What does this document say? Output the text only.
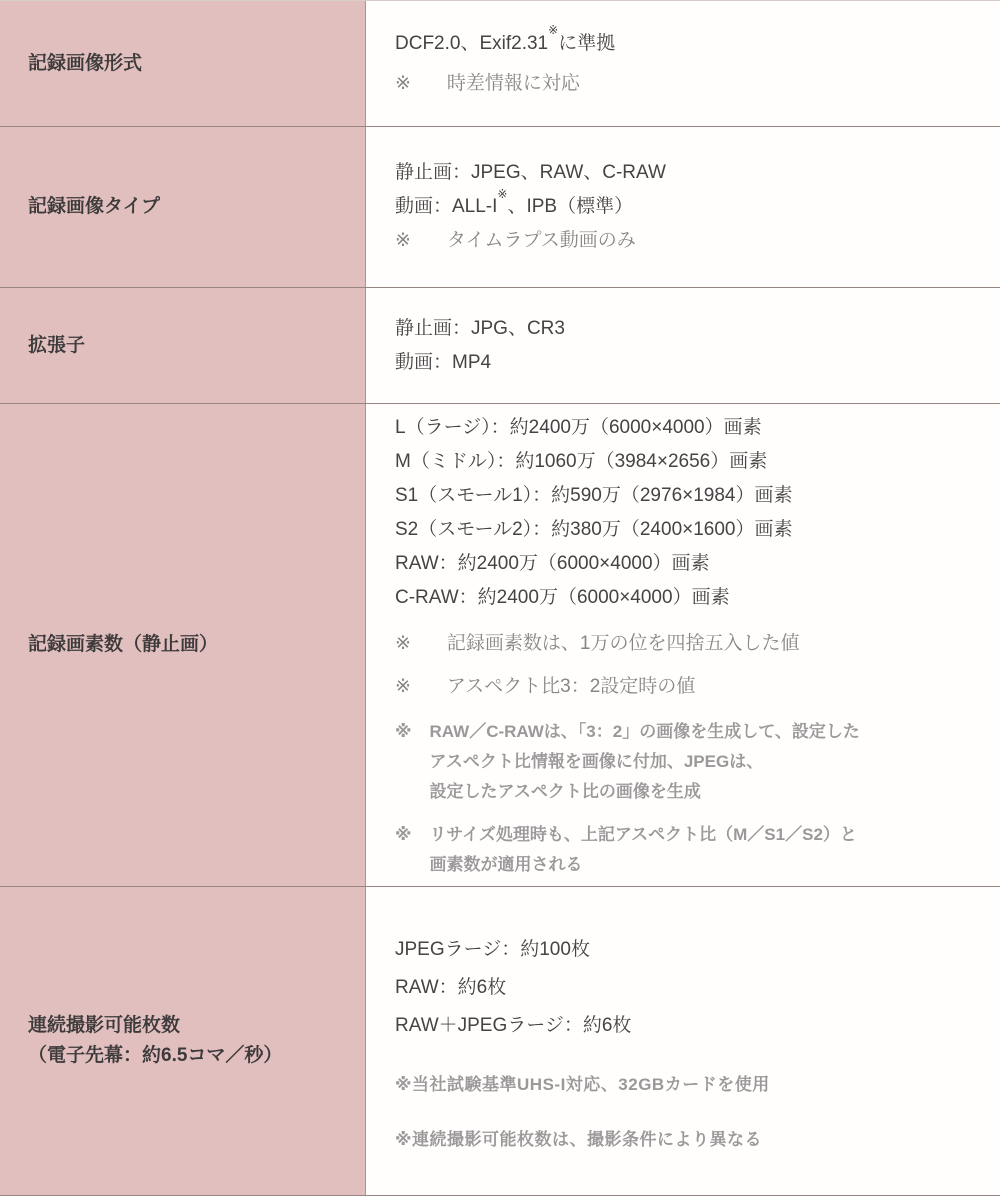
記録画像形式
DCF2.0、Exif2.31※に準拠
※ 時差情報に対応
記録画像タイプ
静止画：JPEG、RAW、C-RAW
動画：ALL-I※、IPB（標準）
※ タイムラプス動画のみ
拡張子
静止画：JPG、CR3
動画：MP4
記録画素数（静止画）
L（ラージ）：約2400万（6000×4000）画素
M（ミドル）：約1060万（3984×2656）画素
S1（スモール1）：約590万（2976×1984）画素
S2（スモール2）：約380万（2400×1600）画素
RAW：約2400万（6000×4000）画素
C-RAW：約2400万（6000×4000）画素
※ 記録画素数は、1万の位を四捨五入した値
※ アスペクト比3：2設定時の値
※ RAW／C-RAWは、「3：2」の画像を生成して、設定した
アスペクト比情報を画像に付加、JPEGは、
設定したアスペクト比の画像を生成
※ リサイズ処理時も、上記アスペクト比（M／S1／S2）と
画素数が適用される
連続撮影可能枚数
（電子先幕：約6.5コマ／秒）
JPEGラージ：約100枚
RAW：約6枚
RAW＋JPEGラージ：約6枚
※当社試験基準UHS-I対応、32GBカードを使用
※連続撮影可能枚数は、撮影条件により異なる
